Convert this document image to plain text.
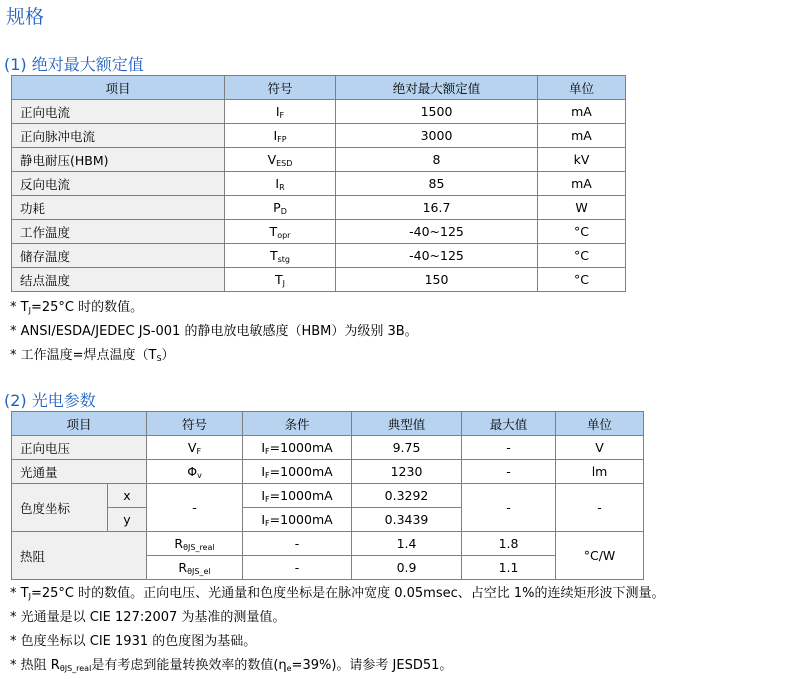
规格
(1) 绝对最大额定值
项目	符号	绝对最大额定值	单位
正向电流	$I_F$	1500	mA
正向脉冲电流	$I_{FP}$	3000	mA
静电耐压(HBM)	$V_{ESD}$	8	kV
反向电流	$I_R$	85	mA
功耗	$P_D$	16.7	W
工作温度	$T_{opr}$	-40~125	°C
储存温度	$T_{stg}$	-40~125	°C
结点温度	$T_J$	150	°C
* $T_J=25^\circ C$ 时的数值。
* ANSI/ESDA/JEDEC JS-001 的静电放电敏感度（HBM）为级别 3B。
* 工作温度=焊点温度$(T_S)$
(2) 光电参数
项目		符号	条件	典型值	最大值	单位
正向电压		$V_F$	$I_F=1000mA$	9.75	-	V
光通量		$\Phi_v$	$I_F=1000mA$	1230	-	lm
色度坐标	x	-	$I_F=1000mA$	0.3292	-	-
	y		$I_F=1000mA$	0.3439		
热阻		$R_{\theta JS\_real}$	-	1.4	1.8	°C/W
		$R_{\theta JS\_el}$	-	0.9	1.1	
* $T_J=25^\circ C$ 时的数值。正向电压、光通量和色度坐标是在脉冲宽度 0.05msec、占空比 1%的连续矩形波下测量。
* 光通量是以 CIE 127:2007 为基准的测量值。
* 色度坐标以 CIE 1931 的色度图为基础。
* 热阻 $R_{\theta JS\_real}$是有考虑到能量转换效率的数值$(\eta_e=39\%)$。请参考 JESD51。
